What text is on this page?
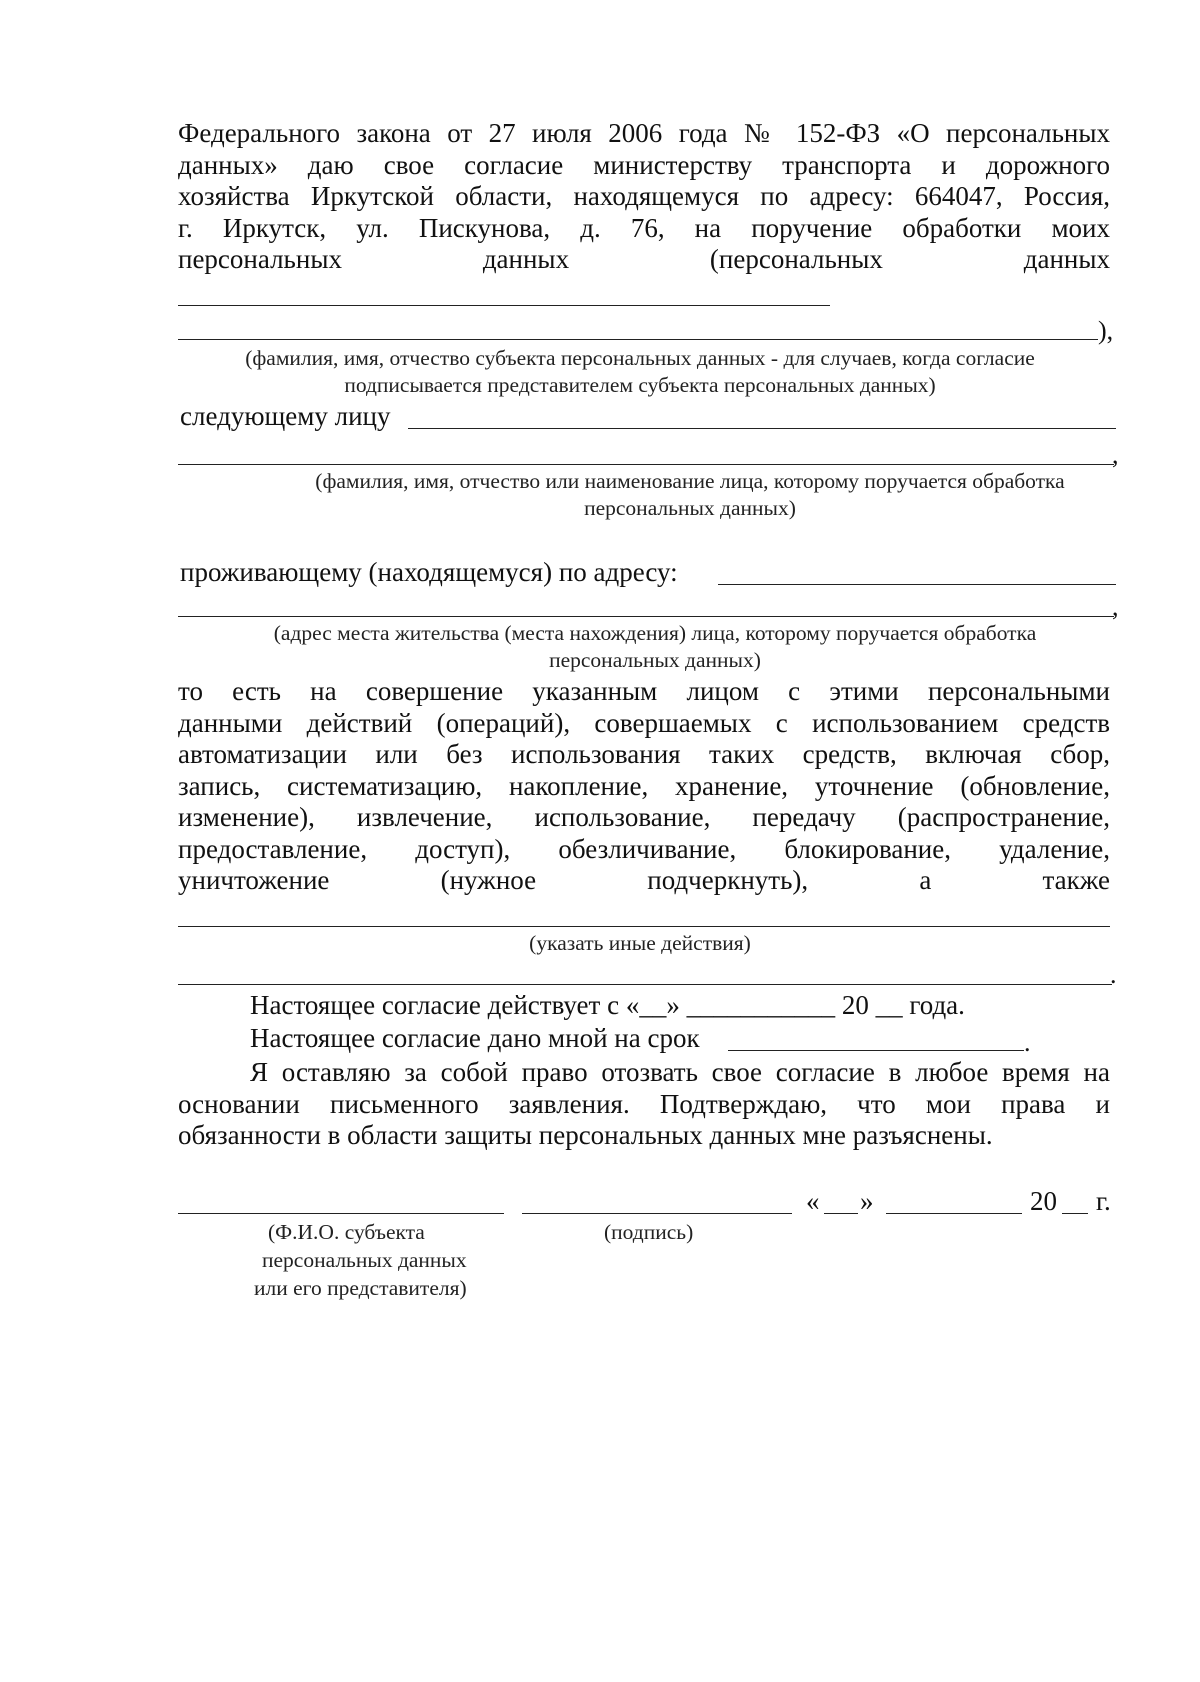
Федерального закона от 27 июля 2006 года № 152-ФЗ «О персональных
данных» даю свое согласие министерству транспорта и дорожного
хозяйства Иркутской области, находящемуся по адресу: 664047, Россия,
г. Иркутск, ул. Пискунова, д. 76, на поручение обработки моих
персональных данных (персональных данных
),
(фамилия, имя, отчество субъекта персональных данных - для случаев, когда согласие подписывается представителем субъекта персональных данных)
следующему лицу
,
(фамилия, имя, отчество или наименование лица, которому поручается обработка персональных данных)
проживающему (находящемуся) по адресу:
,
(адрес места жительства (места нахождения) лица, которому поручается обработка персональных данных)
то есть на совершение указанным лицом с этими персональными
данными действий (операций), совершаемых с использованием средств
автоматизации или без использования таких средств, включая сбор,
запись, систематизацию, накопление, хранение, уточнение (обновление,
изменение), извлечение, использование, передачу (распространение,
предоставление, доступ), обезличивание, блокирование, удаление,
уничтожение (нужное подчеркнуть), а также
(указать иные действия)
.
Настоящее согласие действует с «__» ___________ 20 __ года.
Настоящее согласие дано мной на срок	.
Я оставляю за собой право отозвать свое согласие в любое время на
основании письменного заявления. Подтверждаю, что мои права и
обязанности в области защиты персональных данных мне разъяснены.
« »	20 г.
(Ф.И.О. субъекта
персональных данных
или его представителя)
(подпись)
